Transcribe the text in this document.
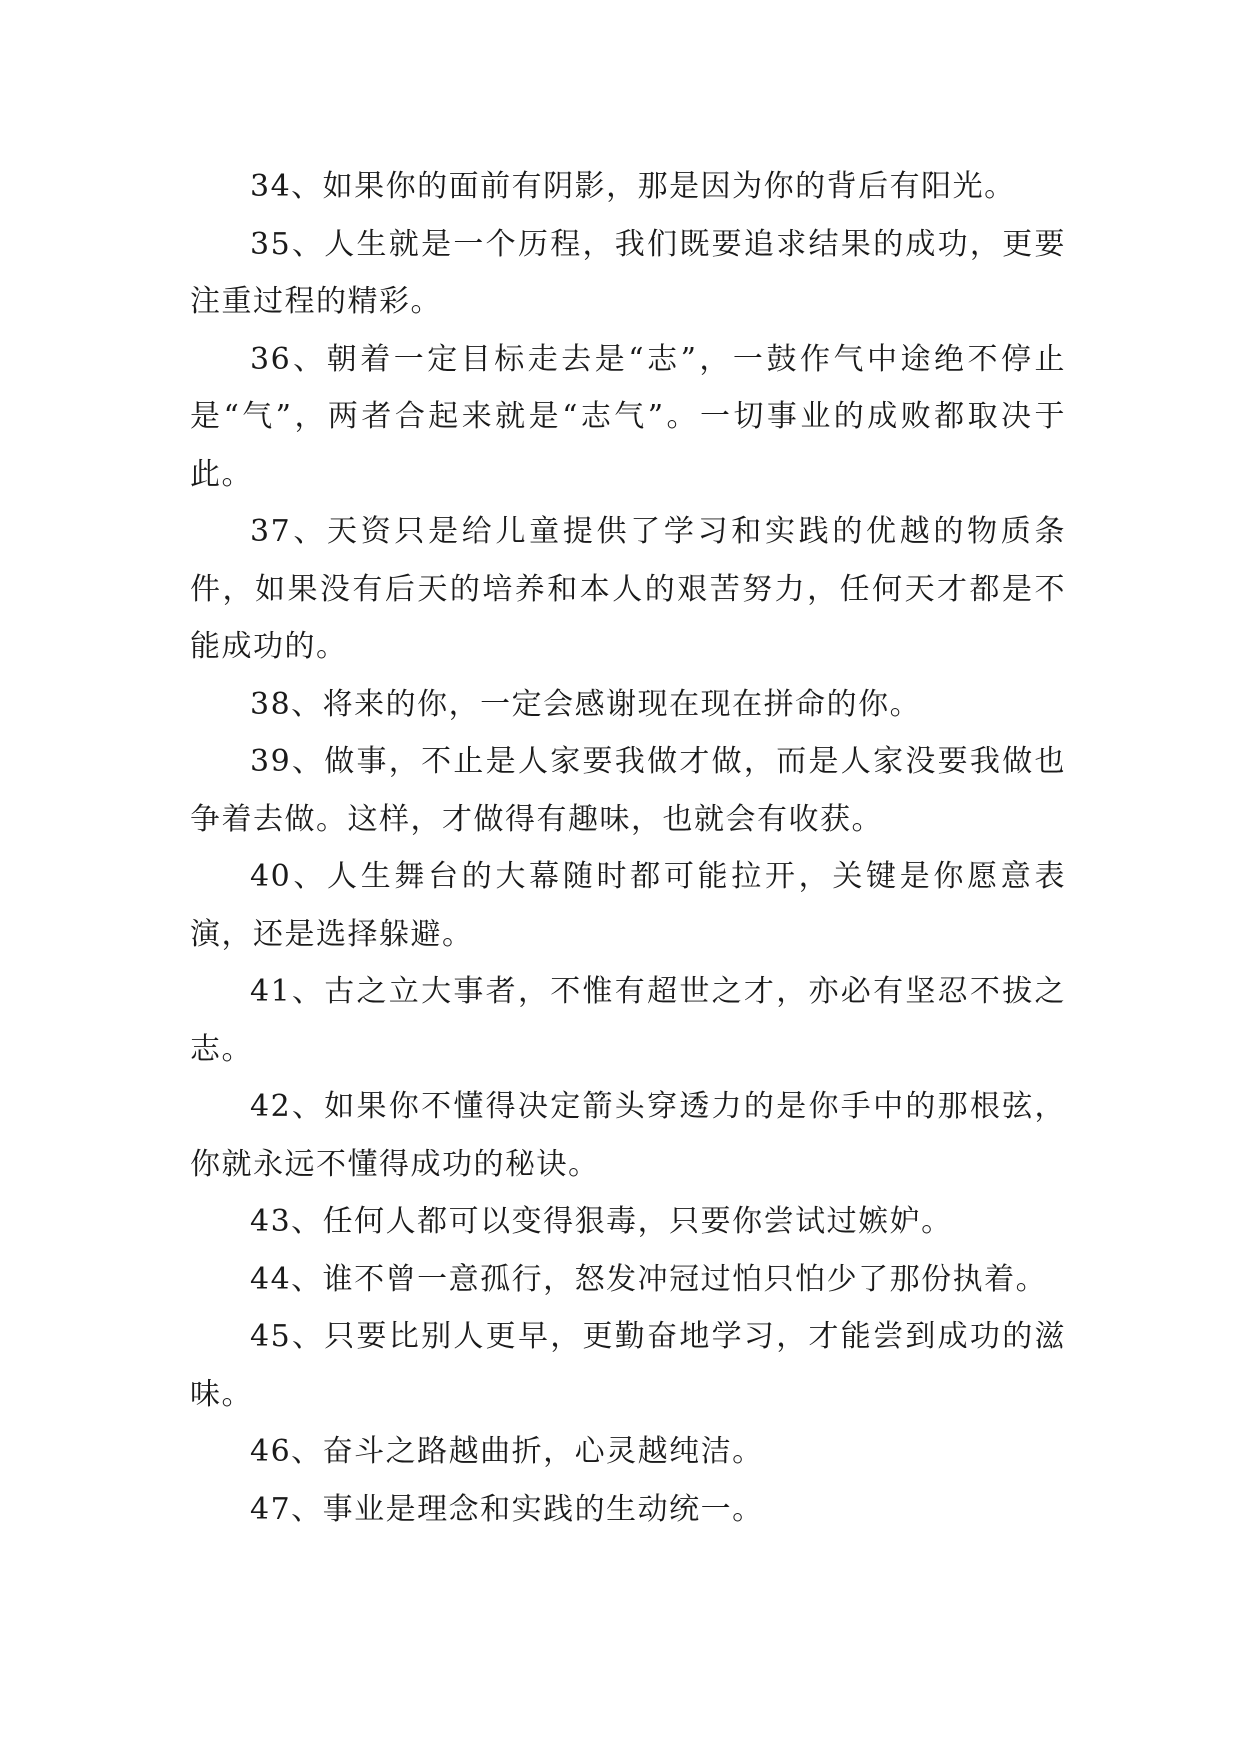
34、如果你的面前有阴影，那是因为你的背后有阳光。

35、人生就是一个历程，我们既要追求结果的成功，更要注重过程的精彩。

36、朝着一定目标走去是“志”，一鼓作气中途绝不停止是“气”，两者合起来就是“志气”。一切事业的成败都取决于此。

37、天资只是给儿童提供了学习和实践的优越的物质条件，如果没有后天的培养和本人的艰苦努力，任何天才都是不能成功的。

38、将来的你，一定会感谢现在现在拼命的你。

39、做事，不止是人家要我做才做，而是人家没要我做也争着去做。这样，才做得有趣味，也就会有收获。

40、人生舞台的大幕随时都可能拉开，关键是你愿意表演，还是选择躲避。

41、古之立大事者，不惟有超世之才，亦必有坚忍不拔之志。

42、如果你不懂得决定箭头穿透力的是你手中的那根弦，你就永远不懂得成功的秘诀。

43、任何人都可以变得狠毒，只要你尝试过嫉妒。

44、谁不曾一意孤行，怒发冲冠过怕只怕少了那份执着。

45、只要比别人更早，更勤奋地学习，才能尝到成功的滋味。

46、奋斗之路越曲折，心灵越纯洁。

47、事业是理念和实践的生动统一。
